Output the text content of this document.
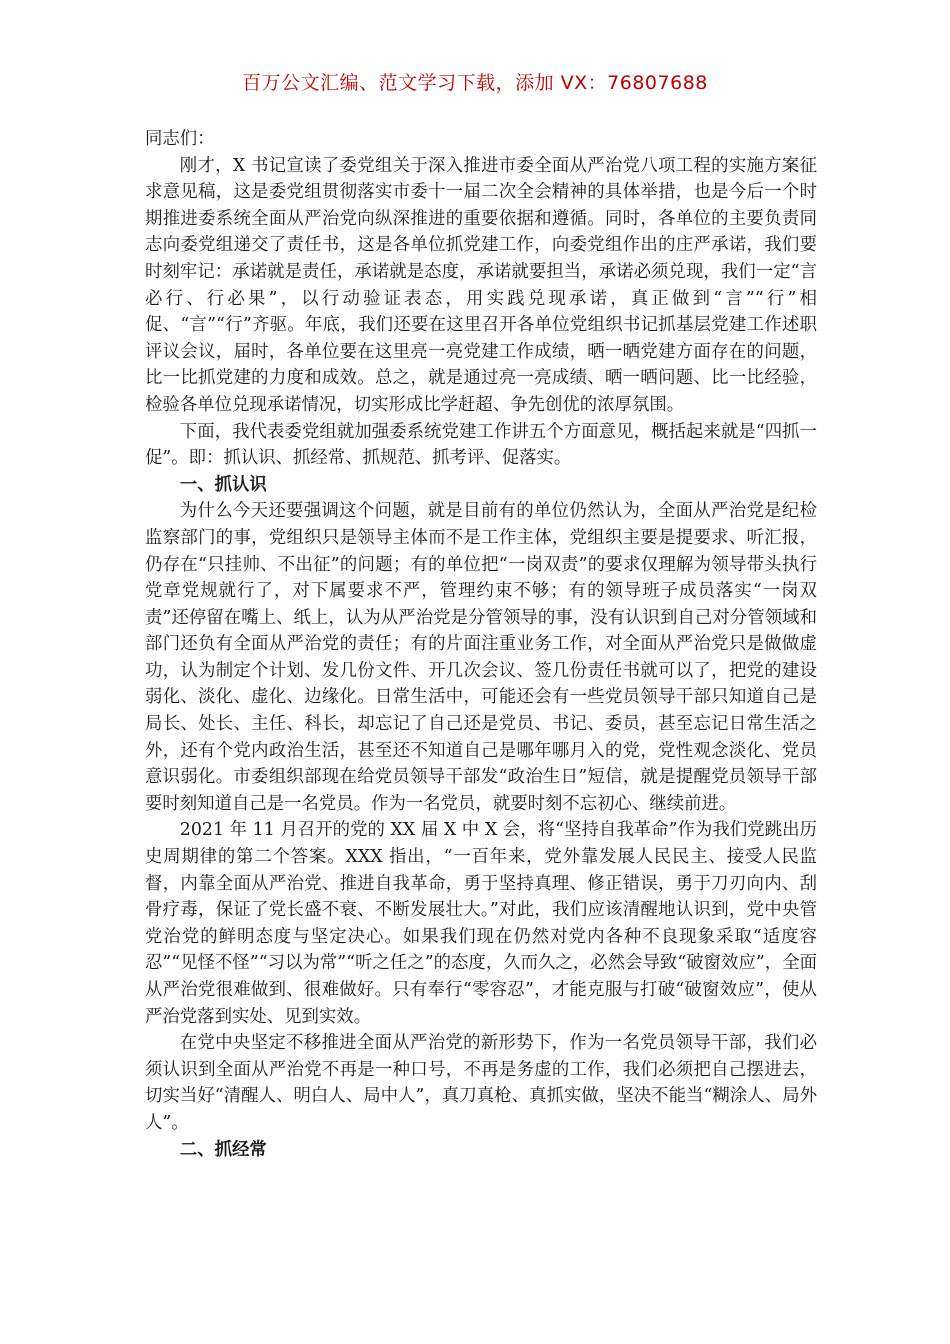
百万公文汇编、范文学习下载，添加 VX：76807688

同志们：

刚才，X 书记宣读了委党组关于深入推进市委全面从严治党八项工程的实施方案征求意见稿，这是委党组贯彻落实市委十一届二次全会精神的具体举措，也是今后一个时期推进委系统全面从严治党向纵深推进的重要依据和遵循。同时，各单位的主要负责同志向委党组递交了责任书，这是各单位抓党建工作，向委党组作出的庄严承诺，我们要时刻牢记：承诺就是责任，承诺就是态度，承诺就要担当，承诺必须兑现，我们一定“言必行、行必果”，以行动验证表态，用实践兑现承诺，真正做到“言”“行”相促、“言”“行”齐驱。年底，我们还要在这里召开各单位党组织书记抓基层党建工作述职评议会议，届时，各单位要在这里亮一亮党建工作成绩，晒一晒党建方面存在的问题，比一比抓党建的力度和成效。总之，就是通过亮一亮成绩、晒一晒问题、比一比经验，检验各单位兑现承诺情况，切实形成比学赶超、争先创优的浓厚氛围。

下面，我代表委党组就加强委系统党建工作讲五个方面意见，概括起来就是“四抓一促”。即：抓认识、抓经常、抓规范、抓考评、促落实。

一、抓认识

为什么今天还要强调这个问题，就是目前有的单位仍然认为，全面从严治党是纪检监察部门的事，党组织只是领导主体而不是工作主体，党组织主要是提要求、听汇报，仍存在“只挂帅、不出征”的问题；有的单位把“一岗双责”的要求仅理解为领导带头执行党章党规就行了，对下属要求不严，管理约束不够；有的领导班子成员落实“一岗双责”还停留在嘴上、纸上，认为从严治党是分管领导的事，没有认识到自己对分管领域和部门还负有全面从严治党的责任；有的片面注重业务工作，对全面从严治党只是做做虚功，认为制定个计划、发几份文件、开几次会议、签几份责任书就可以了，把党的建设弱化、淡化、虚化、边缘化。日常生活中，可能还会有一些党员领导干部只知道自己是局长、处长、主任、科长，却忘记了自己还是党员、书记、委员，甚至忘记日常生活之外，还有个党内政治生活，甚至还不知道自己是哪年哪月入的党，党性观念淡化、党员意识弱化。市委组织部现在给党员领导干部发“政治生日”短信，就是提醒党员领导干部要时刻知道自己是一名党员。作为一名党员，就要时刻不忘初心、继续前进。

2021 年 11 月召开的党的 XX 届 X 中 X 会，将“坚持自我革命”作为我们党跳出历史周期律的第二个答案。XXX 指出，“一百年来，党外靠发展人民民主、接受人民监督，内靠全面从严治党、推进自我革命，勇于坚持真理、修正错误，勇于刀刃向内、刮骨疗毒，保证了党长盛不衰、不断发展壮大。”对此，我们应该清醒地认识到，党中央管党治党的鲜明态度与坚定决心。如果我们现在仍然对党内各种不良现象采取“适度容忍”“见怪不怪”“习以为常”“听之任之”的态度，久而久之，必然会导致“破窗效应”，全面从严治党很难做到、很难做好。只有奉行“零容忍”，才能克服与打破“破窗效应”，使从严治党落到实处、见到实效。

在党中央坚定不移推进全面从严治党的新形势下，作为一名党员领导干部，我们必须认识到全面从严治党不再是一种口号，不再是务虚的工作，我们必须把自己摆进去，切实当好“清醒人、明白人、局中人”，真刀真枪、真抓实做，坚决不能当“糊涂人、局外人”。

二、抓经常
